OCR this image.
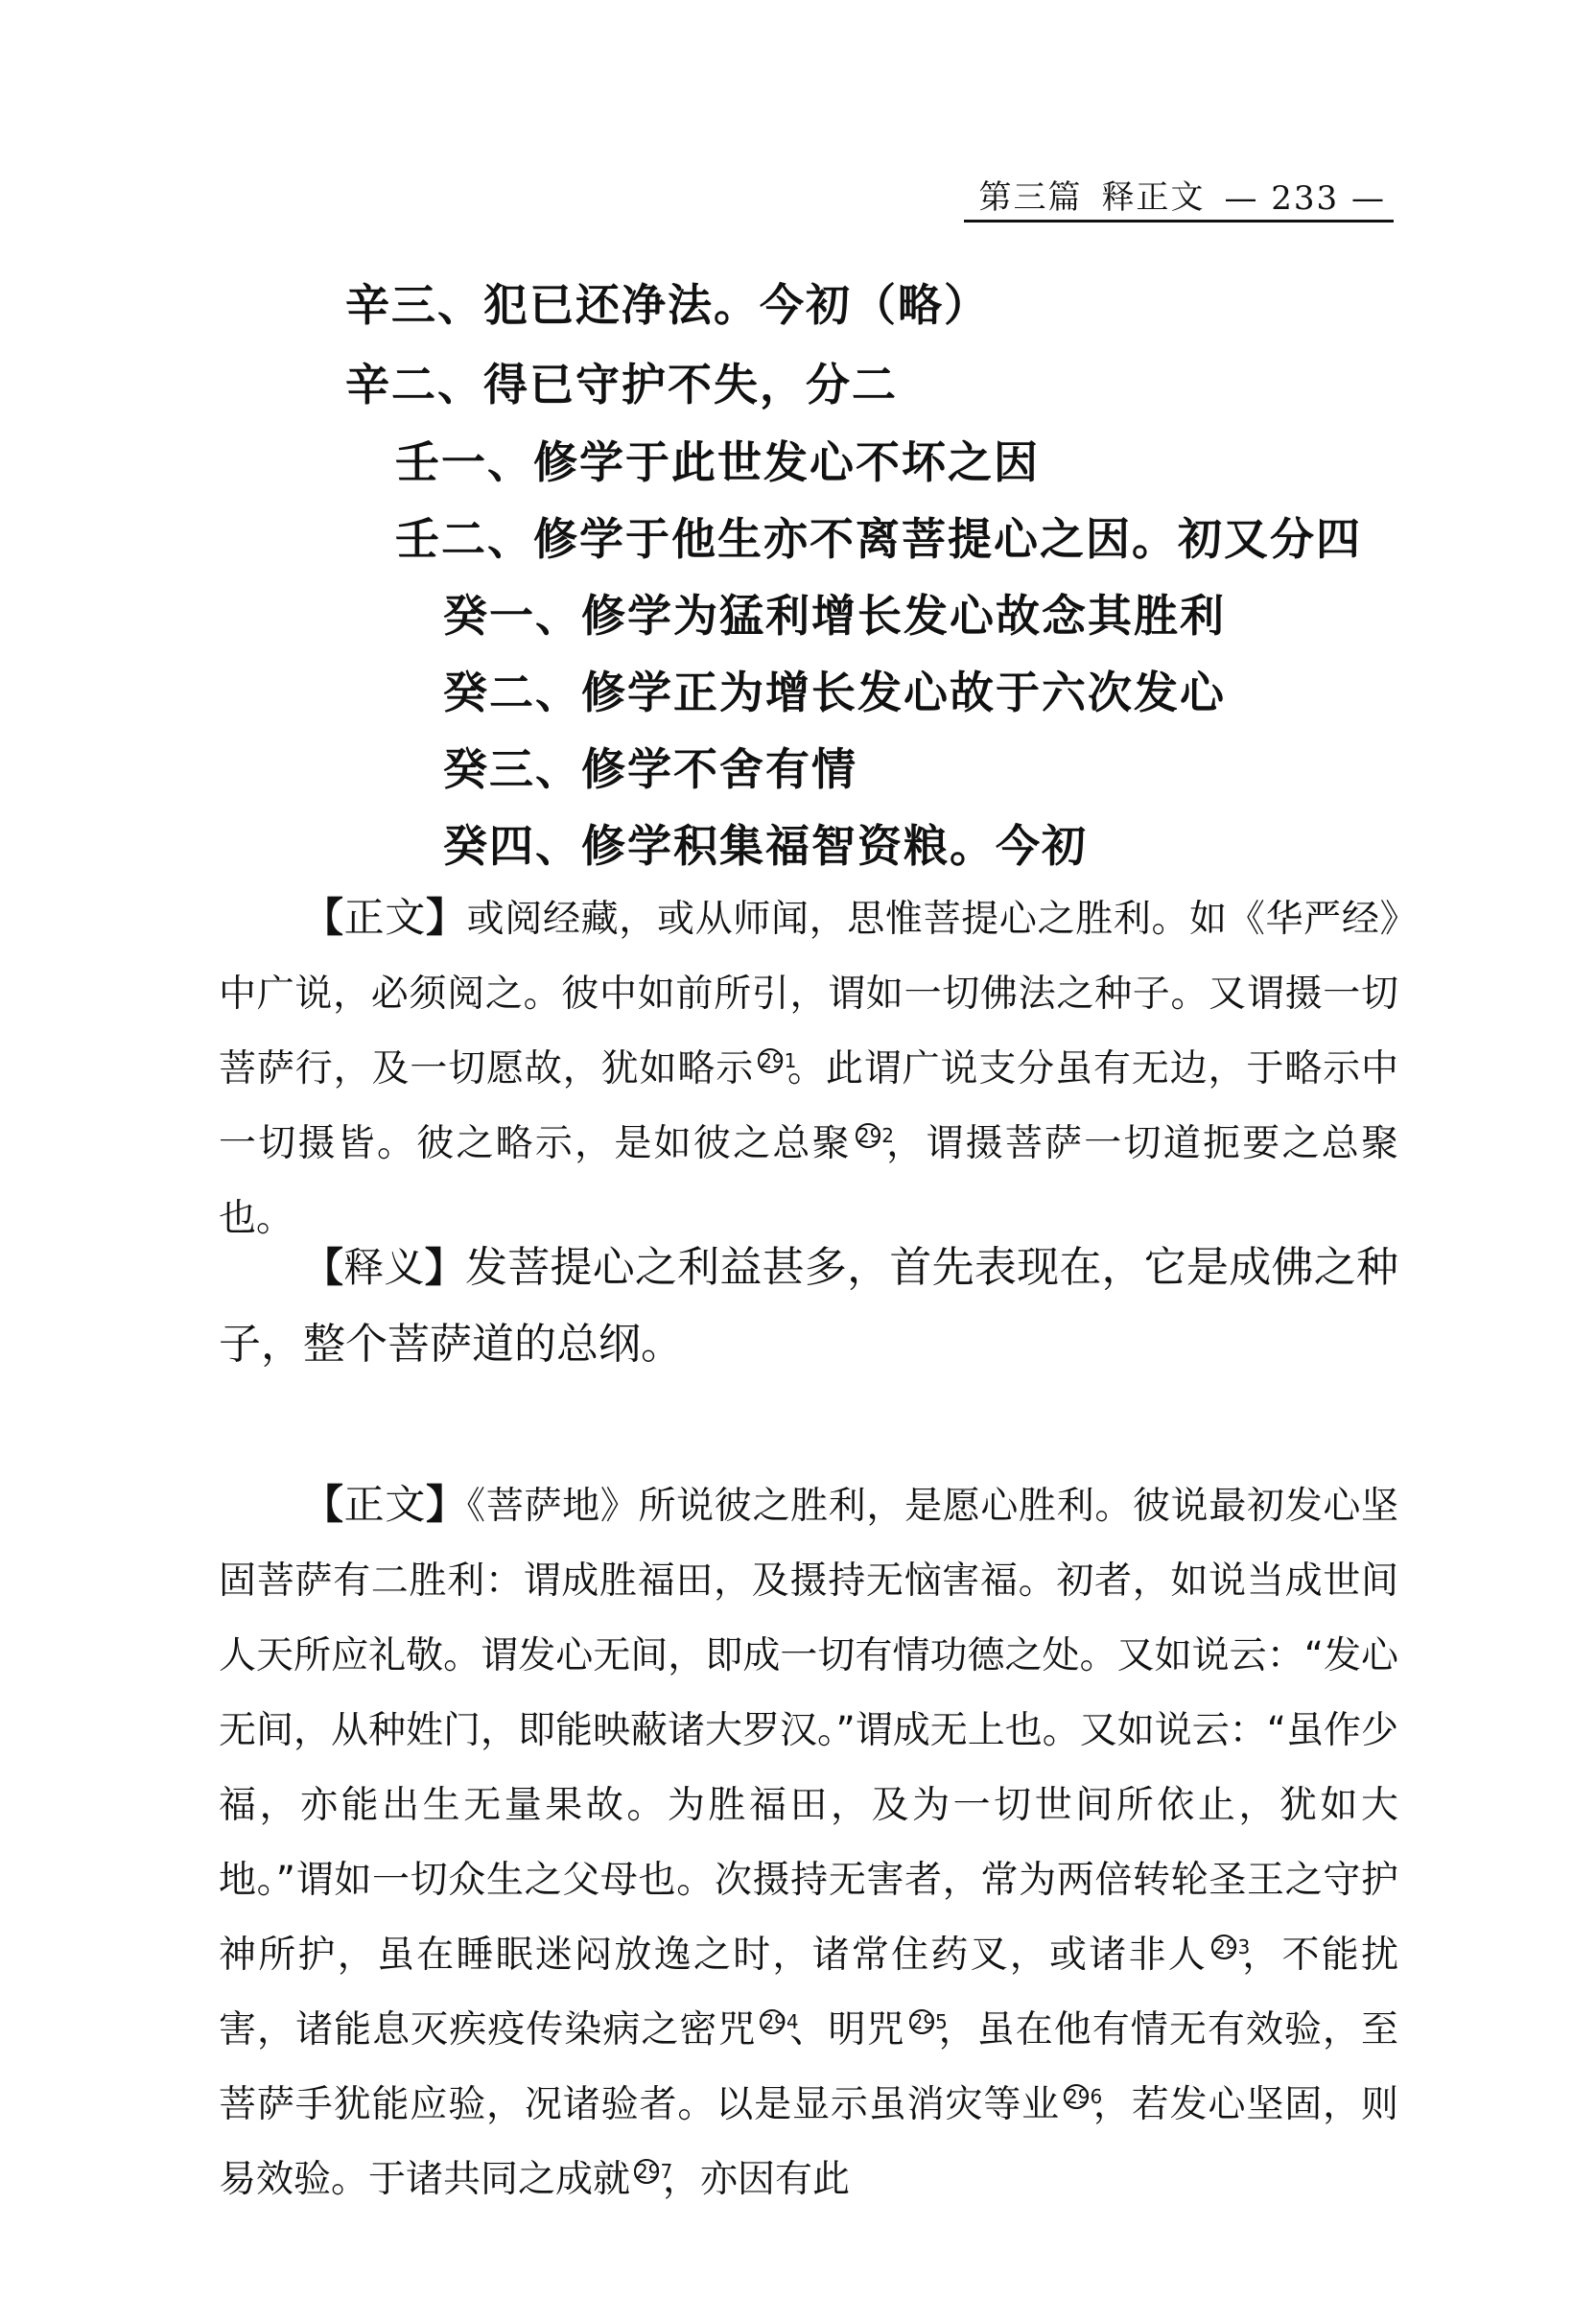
第三篇 释正文 — 233 —
辛三、犯已还净法。今初（略）
辛二、得已守护不失，分二
壬一、修学于此世发心不坏之因
壬二、修学于他生亦不离菩提心之因。初又分四
癸一、修学为猛利增长发心故念其胜利
癸二、修学正为增长发心故于六次发心
癸三、修学不舍有情
癸四、修学积集福智资粮。今初

【正文】或阅经藏，或从师闻，思惟菩提心之胜利。如《华严经》中广说，必须阅之。彼中如前所引，谓如一切佛法之种子。又谓摄一切菩萨行，及一切愿故，犹如略示 $^{291}$。此谓广说支分虽有无边，于略示中一切摄皆。彼之略示，是如彼之总聚 $^{292}$，谓摄菩萨一切道扼要之总聚也。

【释义】发菩提心之利益甚多，首先表现在，它是成佛之种子，整个菩萨道的总纲。

【正文】《菩萨地》所说彼之胜利，是愿心胜利。彼说最初发心坚固菩萨有二胜利：谓成胜福田，及摄持无恼害福。初者，如说当成世间人天所应礼敬。谓发心无间，即成一切有情功德之处。又如说云：“发心无间，从种姓门，即能映蔽诸大罗汉。”谓成无上也。又如说云：“虽作少福，亦能出生无量果故。为胜福田，及为一切世间所依止，犹如大地。”谓如一切众生之父母也。次摄持无害者，常为两倍转轮圣王之守护神所护，虽在睡眠迷闷放逸之时，诸常住药叉，或诸非人 $^{293}$，不能扰害，诸能息灭疾疫传染病之密咒 $^{294}$、明咒 $^{295}$，虽在他有情无有效验，至菩萨手犹能应验，况诸验者。以是显示虽消灾等业 $^{296}$，若发心坚固，则易效验。于诸共同之成就 $^{297}$，亦因有此
